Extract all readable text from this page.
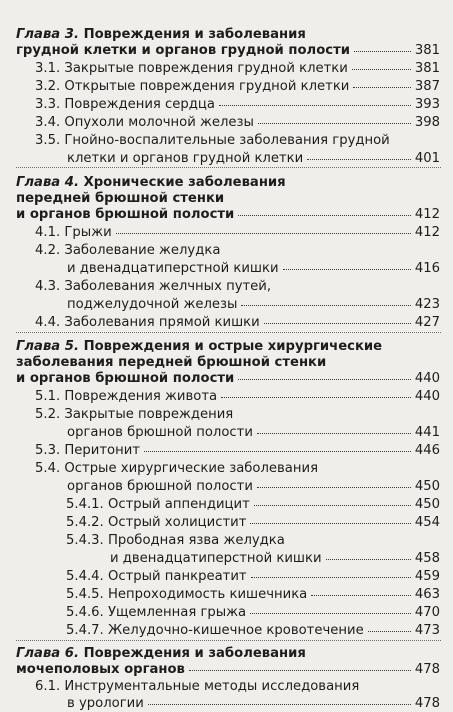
Глава 3. Повреждения и заболевания
грудной клетки и органов грудной полости	381
3.1. Закрытые повреждения грудной клетки	381
3.2. Открытые повреждения грудной клетки	387
3.3. Повреждения сердца	393
3.4. Опухоли молочной железы	398
3.5. Гнойно-воспалительные заболевания грудной
клетки и органов грудной клетки	401
Глава 4. Хронические заболевания
передней брюшной стенки
и органов брюшной полости	412
4.1. Грыжи	412
4.2. Заболевание желудка
и двенадцатиперстной кишки	416
4.3. Заболевания желчных путей,
поджелудочной железы	423
4.4. Заболевания прямой кишки	427
Глава 5. Повреждения и острые хирургические
заболевания передней брюшной стенки
и органов брюшной полости	440
5.1. Повреждения живота	440
5.2. Закрытые повреждения
органов брюшной полости	441
5.3. Перитонит	446
5.4. Острые хирургические заболевания
органов брюшной полости	450
5.4.1. Острый аппендицит	450
5.4.2. Острый холицистит	454
5.4.3. Прободная язва желудка
и двенадцатиперстной кишки	458
5.4.4. Острый панкреатит	459
5.4.5. Непроходимость кишечника	463
5.4.6. Ущемленная грыжа	470
5.4.7. Желудочно-кишечное кровотечение	473
Глава 6. Повреждения и заболевания
мочеполовых органов	478
6.1. Инструментальные методы исследования
в урологии	478
